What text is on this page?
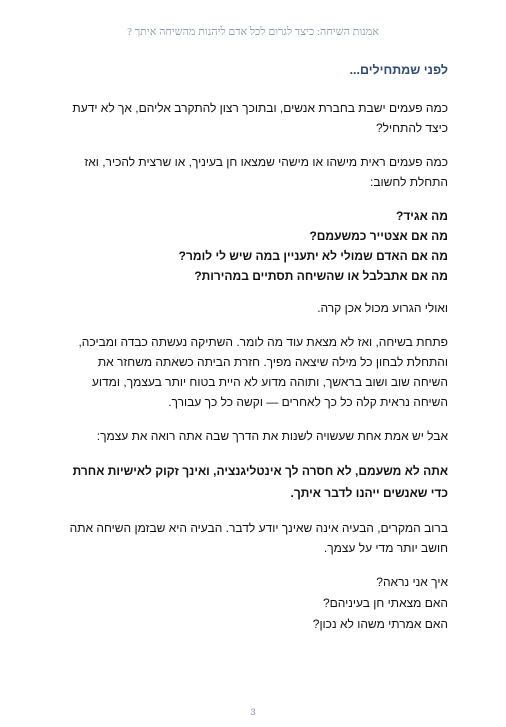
אמנות השיחה: כיצד לגרום לכל אדם ליהנות מהשיחה איתך ?
לפני שמתחילים...

כמה פעמים ישבת בחברת אנשים, ובתוכך רצון להתקרב אליהם, אך לא ידעת כיצד להתחיל?

כמה פעמים ראית מישהו או מישהי שמצאו חן בעיניך, או שרצית להכיר, ואז התחלת לחשוב:

מה אגיד?
מה אם אצטייר כמשעמם?
מה אם האדם שמולי לא יתעניין במה שיש לי לומר?
מה אם אתבלבל או שהשיחה תסתיים במהירות?

ואולי הגרוע מכול אכן קרה.

פתחת בשיחה, ואז לא מצאת עוד מה לומר. השתיקה נעשתה כבדה ומביכה, והתחלת לבחון כל מילה שיצאה מפיך. חזרת הביתה כשאתה משחזר את השיחה שוב ושוב בראשך, ותוהה מדוע לא היית בטוח יותר בעצמך, ומדוע השיחה נראית קלה כל כך לאחרים — וקשה כל כך עבורך.

אבל יש אמת אחת שעשויה לשנות את הדרך שבה אתה רואה את עצמך:

אתה לא משעמם, לא חסרה לך אינטליגנציה, ואינך זקוק לאישיות אחרת כדי שאנשים ייהנו לדבר איתך.

ברוב המקרים, הבעיה אינה שאינך יודע לדבר. הבעיה היא שבזמן השיחה אתה חושב יותר מדי על עצמך.

איך אני נראה?
האם מצאתי חן בעיניהם?
האם אמרתי משהו לא נכון?
3
